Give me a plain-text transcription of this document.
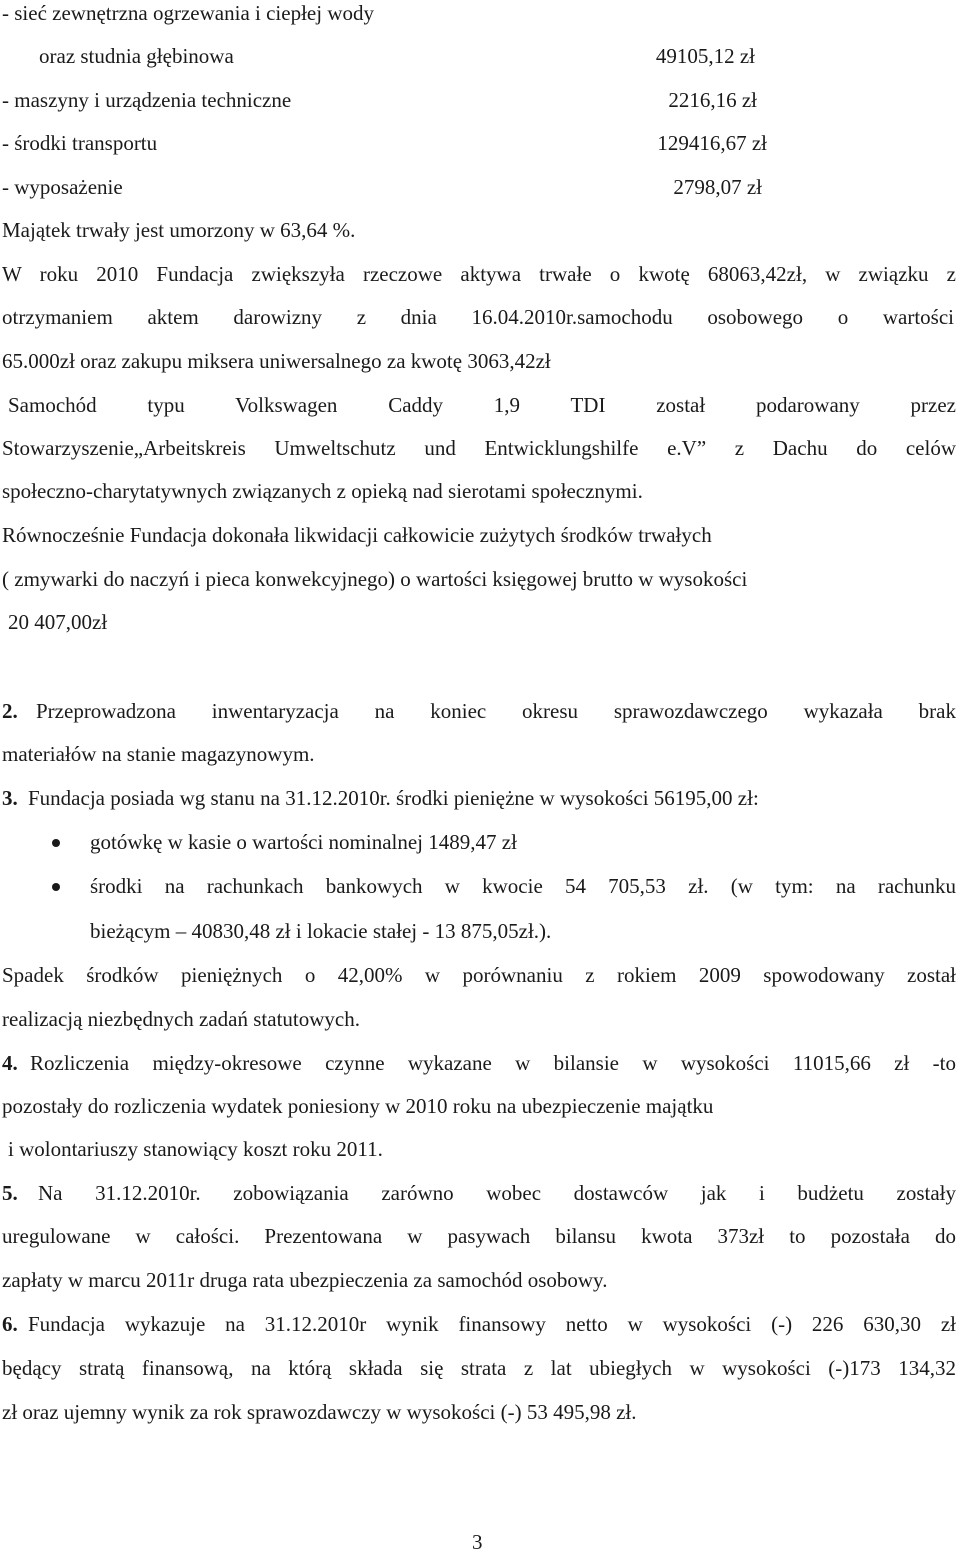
- sieć zewnętrzna ogrzewania i ciepłej wody
oraz studnia głębinowa	49105,12 zł
- maszyny i urządzenia techniczne	2216,16 zł
- środki transportu	129416,67 zł
- wyposażenie	2798,07 zł
Majątek trwały jest umorzony w 63,64 %.
W roku 2010 Fundacja zwiększyła rzeczowe aktywa trwałe o kwotę 68063,42zł, w związku z
otrzymaniem aktem darowizny z dnia 16.04.2010r.samochodu osobowego o wartości
65.000zł oraz zakupu miksera uniwersalnego za kwotę 3063,42zł
Samochód typu Volkswagen Caddy 1,9 TDI został podarowany przez
Stowarzyszenie„Arbeitskreis Umweltschutz und Entwicklungshilfe e.V” z Dachu do celów
społeczno-charytatywnych związanych z opieką nad sierotami społecznymi.
Równocześnie Fundacja dokonała likwidacji całkowicie zużytych środków trwałych
( zmywarki do naczyń i pieca konwekcyjnego) o wartości księgowej brutto w wysokości
20 407,00zł
2. Przeprowadzona inwentaryzacja na koniec okresu sprawozdawczego wykazała brak
materiałów na stanie magazynowym.
3. Fundacja posiada wg stanu na 31.12.2010r. środki pieniężne w wysokości 56195,00 zł:
gotówkę w kasie o wartości nominalnej 1489,47 zł
środki na rachunkach bankowych w kwocie 54 705,53 zł. (w tym: na rachunku
bieżącym – 40830,48 zł i lokacie stałej - 13 875,05zł.).
Spadek środków pieniężnych o 42,00% w porównaniu z rokiem 2009 spowodowany został
realizacją niezbędnych zadań statutowych.
4. Rozliczenia między-okresowe czynne wykazane w bilansie w wysokości 11015,66 zł -to
pozostały do rozliczenia wydatek poniesiony w 2010 roku na ubezpieczenie majątku
i wolontariuszy stanowiący koszt roku 2011.
5. Na 31.12.2010r. zobowiązania zarówno wobec dostawców jak i budżetu zostały
uregulowane w całości. Prezentowana w pasywach bilansu kwota 373zł to pozostała do
zapłaty w marcu 2011r druga rata ubezpieczenia za samochód osobowy.
6. Fundacja wykazuje na 31.12.2010r wynik finansowy netto w wysokości (-) 226 630,30 zł
będący stratą finansową, na którą składa się strata z lat ubiegłych w wysokości (-)173 134,32
zł oraz ujemny wynik za rok sprawozdawczy w wysokości (-) 53 495,98 zł.
3
